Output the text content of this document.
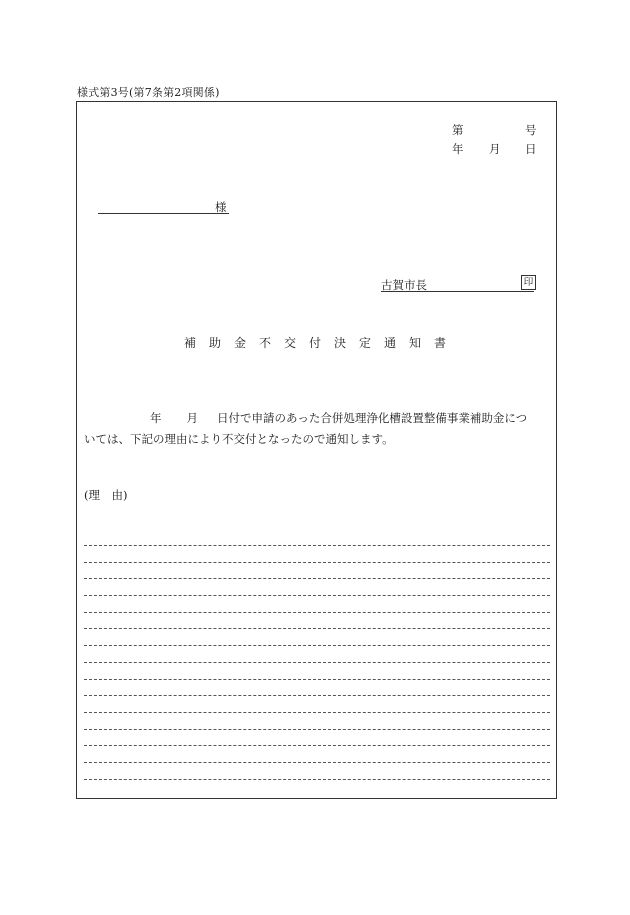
様式第3号(第7条第2項関係)
第	号
年 月 日
様
古賀市長	印
補助金不交付決定通知書
年 月 日付で申請のあった合併処理浄化槽設置整備事業補助金につ
いては、下記の理由により不交付となったので通知します。
(理　由)
